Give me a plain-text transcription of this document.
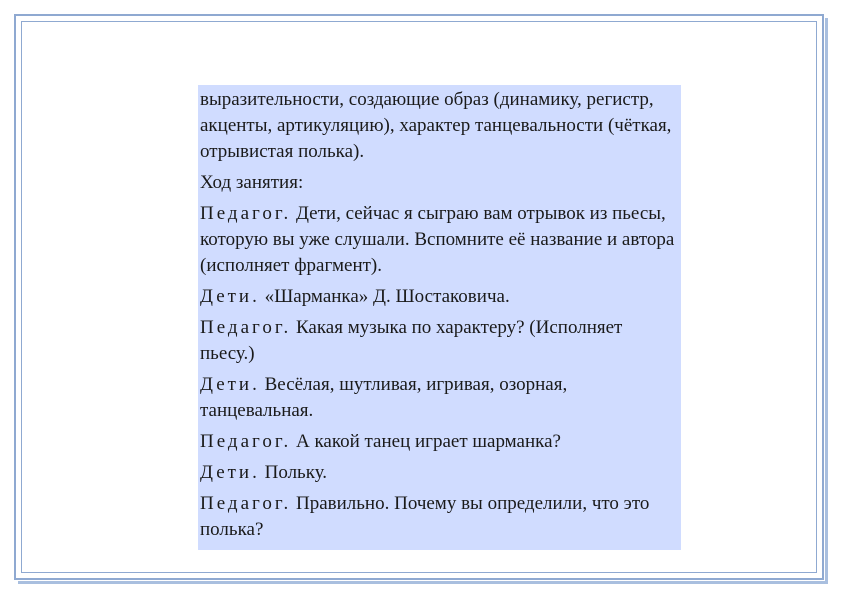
выразительности, создающие образ (динамику, регистр, акценты, артикуляцию), характер танцевальности (чёткая, отрывистая полька).

Ход занятия:

Педагог. Дети, сейчас я сыграю вам отрывок из пьесы, которую вы уже слушали. Вспомните её название и автора (исполняет фрагмент).

Дети. «Шарманка» Д. Шостаковича.

Педагог. Какая музыка по характеру? (Исполняет пьесу.)

Дети. Весёлая, шутливая, игривая, озорная, танцевальная.

Педагог. А какой танец играет шарманка?

Дети. Польку.

Педагог. Правильно. Почему вы определили, что это полька?
